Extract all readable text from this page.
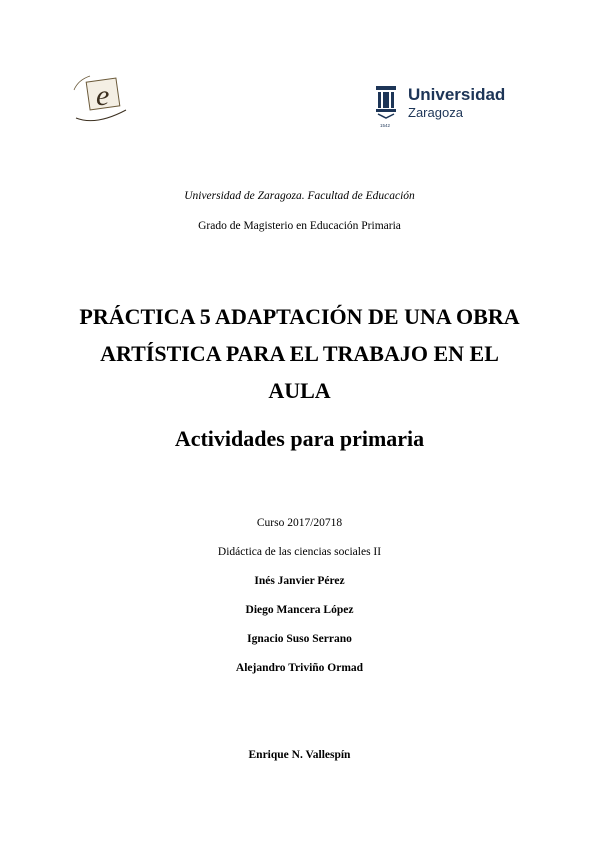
e
1542
Universidad
Zaragoza
Universidad de Zaragoza. Facultad de Educación
Grado de Magisterio en Educación Primaria
PRÁCTICA 5 ADAPTACIÓN DE UNA OBRA ARTÍSTICA PARA EL TRABAJO EN EL AULA
Actividades para primaria
Curso 2017/20718
Didáctica de las ciencias sociales II
Inés Janvier Pérez
Diego Mancera López
Ignacio Suso Serrano
Alejandro Triviño Ormad
Enrique N. Vallespín
